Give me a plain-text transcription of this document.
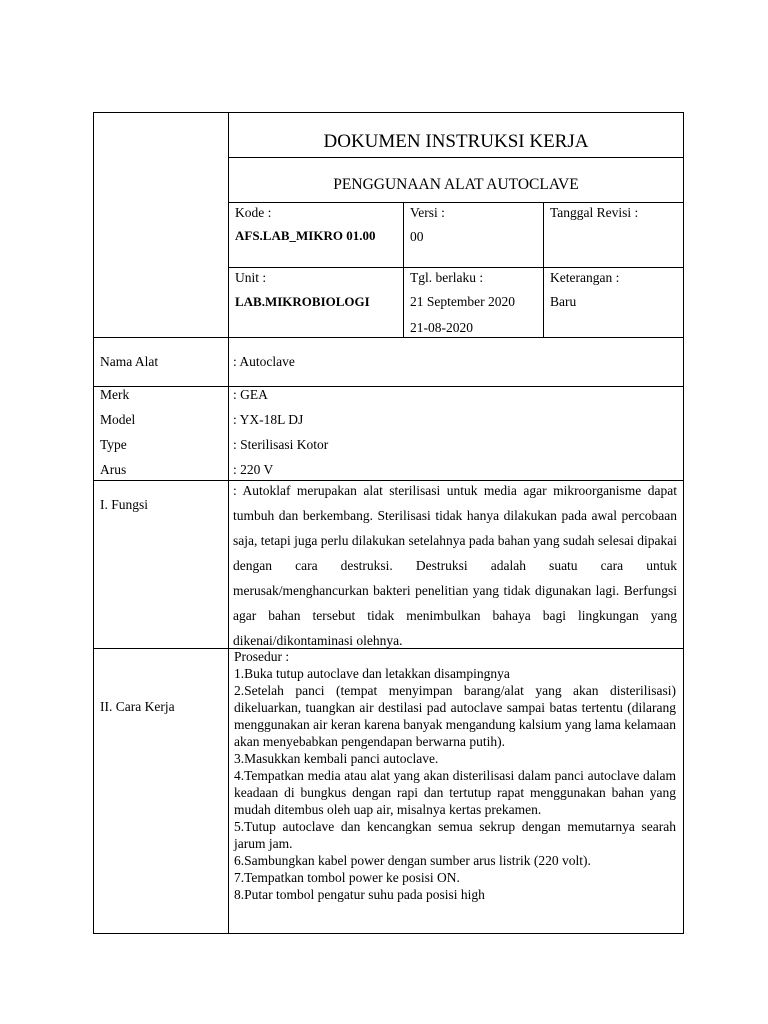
DOKUMEN INSTRUKSI KERJA
PENGGUNAAN ALAT AUTOCLAVE
Kode :
AFS.LAB_MIKRO 01.00
Versi :
00
Tanggal Revisi :
Unit :
LAB.MIKROBIOLOGI
Tgl. berlaku :
21 September 2020
21-08-2020
Keterangan :
Baru
Nama Alat	: Autoclave
Merk	: GEA
Model	: YX-18L DJ
Type	: Sterilisasi Kotor
Arus	: 220 V
I. Fungsi
: Autoklaf merupakan alat sterilisasi untuk media agar mikroorganisme dapat tumbuh dan berkembang. Sterilisasi tidak hanya dilakukan pada awal percobaan saja, tetapi juga perlu dilakukan setelahnya pada bahan yang sudah selesai dipakai dengan cara destruksi. Destruksi adalah suatu cara untuk merusak/menghancurkan bakteri penelitian yang tidak digunakan lagi. Berfungsi agar bahan tersebut tidak menimbulkan bahaya bagi lingkungan yang dikenai/dikontaminasi olehnya.
II. Cara Kerja
Prosedur :
1.Buka tutup autoclave dan letakkan disampingnya
2.Setelah panci (tempat menyimpan barang/alat yang akan disterilisasi) dikeluarkan, tuangkan air destilasi pad autoclave sampai batas tertentu (dilarang menggunakan air keran karena banyak mengandung kalsium yang lama kelamaan akan menyebabkan pengendapan berwarna putih).
3.Masukkan kembali panci autoclave.
4.Tempatkan media atau alat yang akan disterilisasi dalam panci autoclave dalam keadaan di bungkus dengan rapi dan tertutup rapat menggunakan bahan yang mudah ditembus oleh uap air, misalnya kertas prekamen.
5.Tutup autoclave dan kencangkan semua sekrup dengan memutarnya searah jarum jam.
6.Sambungkan kabel power dengan sumber arus listrik (220 volt).
7.Tempatkan tombol power ke posisi ON.
8.Putar tombol pengatur suhu pada posisi high
